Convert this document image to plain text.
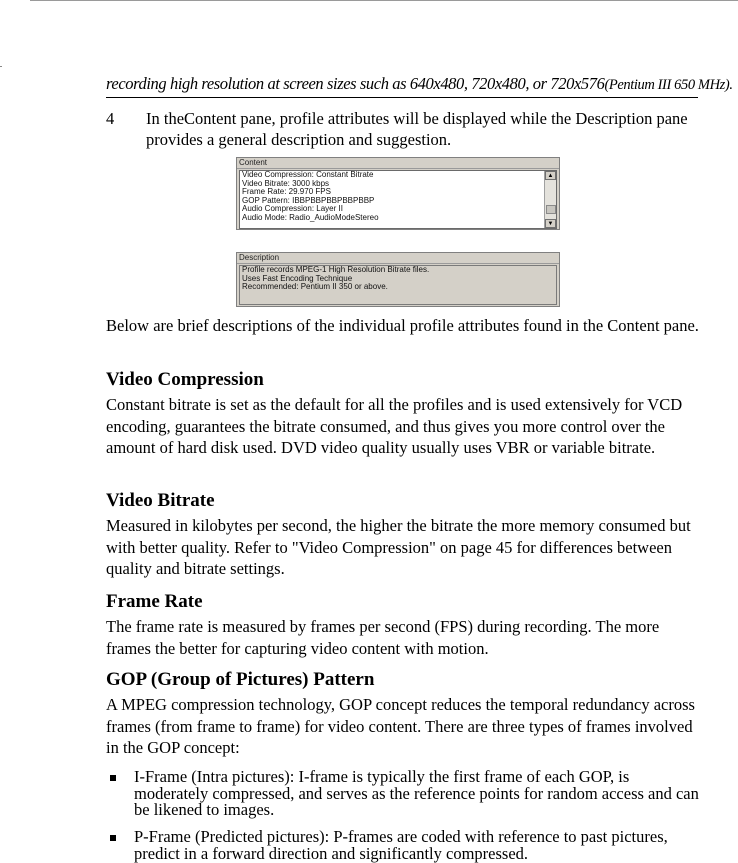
recording high resolution at screen sizes such as 640x480, 720x480, or 720x576(Pentium III 650 MHz).
4 In theContent pane, profile attributes will be displayed while the Description pane provides a general description and suggestion.
Content
Video Compression: Constant Bitrate
Video Bitrate: 3000 kbps
Frame Rate: 29.970 FPS
GOP Pattern: IBBPBBPBBPBBPBBP
Audio Compression: Layer II
Audio Mode: Radio_AudioModeStereo
▲
▼
Description
Profile records MPEG-1 High Resolution Bitrate files.
Uses Fast Encoding Technique
Recommended: Pentium II 350 or above.

Below are brief descriptions of the individual profile attributes found in the Content pane.

Video Compression

Constant bitrate is set as the default for all the profiles and is used extensively for VCD encoding, guarantees the bitrate consumed, and thus gives you more control over the amount of hard disk used. DVD video quality usually uses VBR or variable bitrate.

Video Bitrate

Measured in kilobytes per second, the higher the bitrate the more memory consumed but with better quality. Refer to "Video Compression" on page 45 for differences between quality and bitrate settings.

Frame Rate

The frame rate is measured by frames per second (FPS) during recording. The more frames the better for capturing video content with motion.

GOP (Group of Pictures) Pattern

A MPEG compression technology, GOP concept reduces the temporal redundancy across frames (from frame to frame) for video content. There are three types of frames involved in the GOP concept:

I-Frame (Intra pictures): I-frame is typically the first frame of each GOP, is moderately compressed, and serves as the reference points for random access and can be likened to images.
P-Frame (Predicted pictures): P-frames are coded with reference to past pictures, predict in a forward direction and significantly compressed.
